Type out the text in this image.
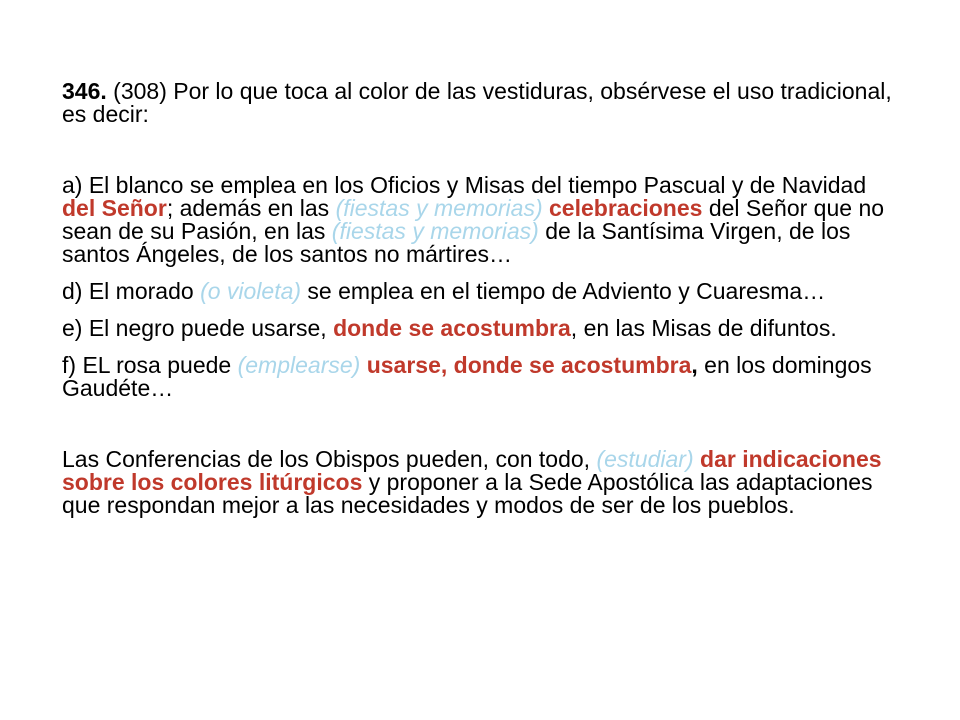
346. (308) Por lo que toca al color de las vestiduras, obsérvese el uso tradicional, es decir:

a) El blanco se emplea en los Oficios y Misas del tiempo Pascual y de Navidad del Señor; además en las (fiestas y memorias) celebraciones del Señor que no sean de su Pasión, en las (fiestas y memorias) de la Santísima Virgen, de los santos Ángeles, de los santos no mártires…

d) El morado (o violeta) se emplea en el tiempo de Adviento y Cuaresma…

e) El negro puede usarse, donde se acostumbra, en las Misas de difuntos.

f) EL rosa puede (emplearse) usarse, donde se acostumbra, en los domingos Gaudéte…

Las Conferencias de los Obispos pueden, con todo, (estudiar) dar indicaciones sobre los colores litúrgicos y proponer a la Sede Apostólica las adaptaciones que respondan mejor a las necesidades y modos de ser de los pueblos.
